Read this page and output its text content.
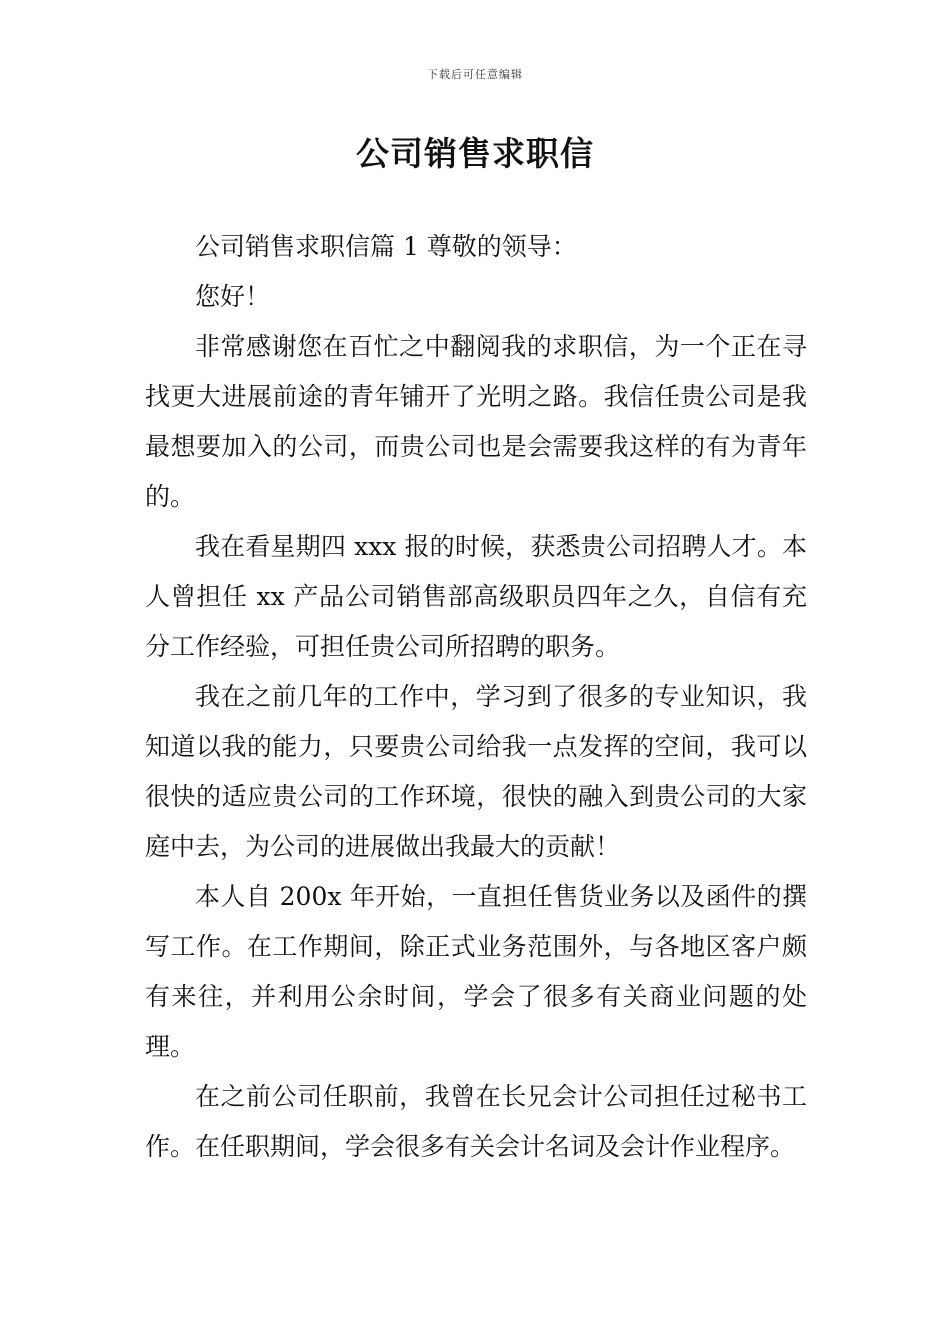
下载后可任意编辑
公司销售求职信

公司销售求职信篇 1 尊敬的领导：

您好！

非常感谢您在百忙之中翻阅我的求职信，为一个正在寻找更大进展前途的青年铺开了光明之路。我信任贵公司是我最想要加入的公司，而贵公司也是会需要我这样的有为青年的。

我在看星期四 xxx 报的时候，获悉贵公司招聘人才。本人曾担任 xx 产品公司销售部高级职员四年之久，自信有充分工作经验，可担任贵公司所招聘的职务。

我在之前几年的工作中，学习到了很多的专业知识，我知道以我的能力，只要贵公司给我一点发挥的空间，我可以很快的适应贵公司的工作环境，很快的融入到贵公司的大家庭中去，为公司的进展做出我最大的贡献！

本人自 200x 年开始，一直担任售货业务以及函件的撰写工作。在工作期间，除正式业务范围外，与各地区客户颇有来往，并利用公余时间，学会了很多有关商业问题的处理。

在之前公司任职前，我曾在长兄会计公司担任过秘书工作。在任职期间，学会很多有关会计名词及会计作业程序。
